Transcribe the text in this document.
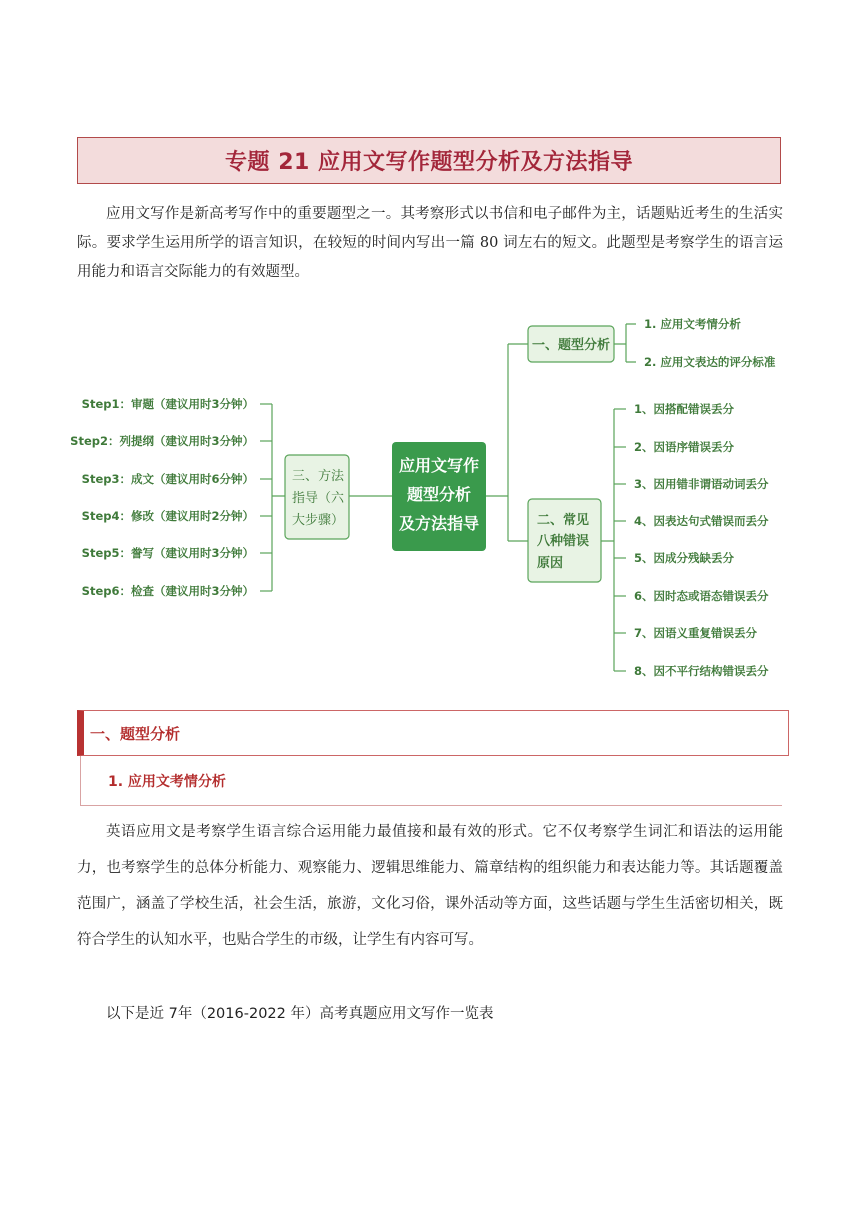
专题 21 应用文写作题型分析及方法指导

应用文写作是新高考写作中的重要题型之一。其考察形式以书信和电子邮件为主，话题贴近考生的生活实际。要求学生运用所学的语言知识，在较短的时间内写出一篇 80 词左右的短文。此题型是考察学生的语言运用能力和语言交际能力的有效题型。

应用文写作
题型分析
及方法指导
一、题型分析
1. 应用文考情分析
2. 应用文表达的评分标准
二、常见
八种错误
原因
1、因搭配错误丢分
2、因语序错误丢分
3、因用错非谓语动词丢分
4、因表达句式错误而丢分
5、因成分残缺丢分
6、因时态或语态错误丢分
7、因语义重复错误丢分
8、因不平行结构错误丢分
三、方法
指导（六
大步骤）
Step1：审题（建议用时3分钟）
Step2：列提纲（建议用时3分钟）
Step3：成文（建议用时6分钟）
Step4：修改（建议用时2分钟）
Step5：誊写（建议用时3分钟）
Step6：检查（建议用时3分钟）
一、题型分析
1. 应用文考情分析

英语应用文是考察学生语言综合运用能力最值接和最有效的形式。它不仅考察学生词汇和语法的运用能力，也考察学生的总体分析能力、观察能力、逻辑思维能力、篇章结构的组织能力和表达能力等。其话题覆盖范围广，涵盖了学校生活，社会生活，旅游，文化习俗，课外活动等方面，这些话题与学生生活密切相关，既符合学生的认知水平，也贴合学生的市级，让学生有内容可写。

以下是近 7年（2016-2022 年）高考真题应用文写作一览表
